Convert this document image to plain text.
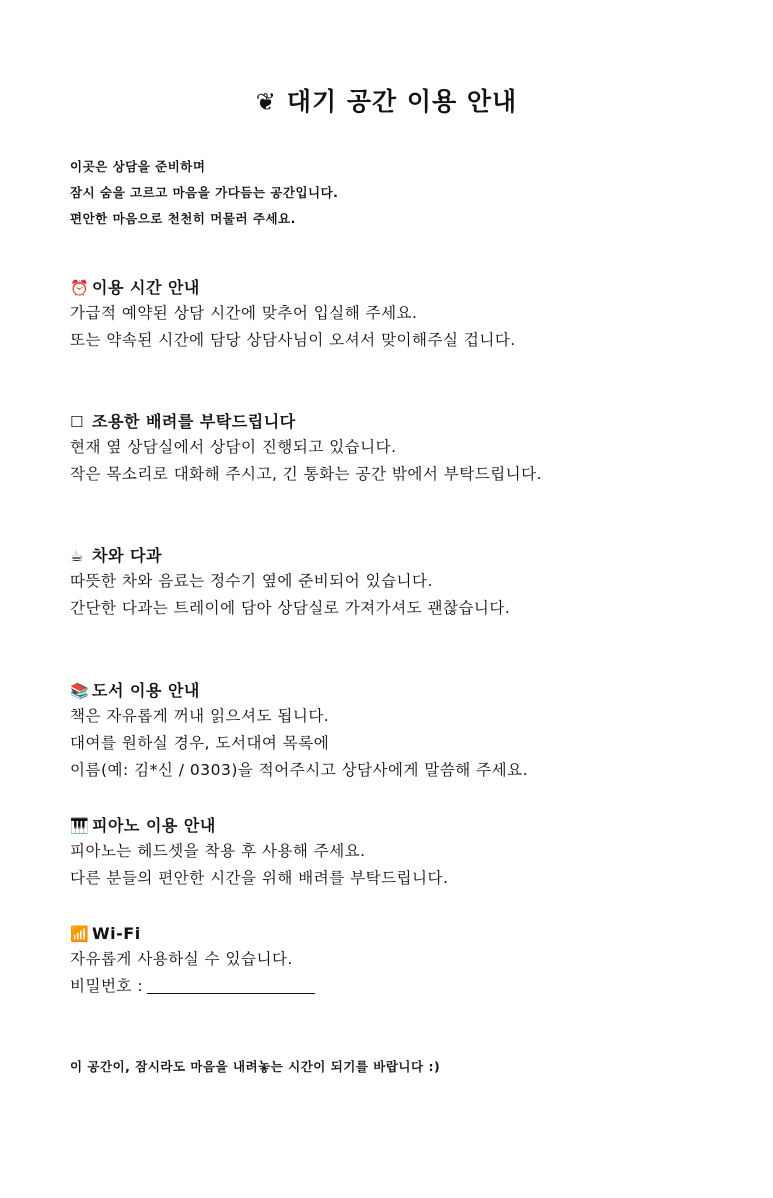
❦ 대기 공간 이용 안내
이곳은 상담을 준비하며
잠시 숨을 고르고 마음을 가다듬는 공간입니다.
편안한 마음으로 천천히 머물러 주세요.
⏰ 이용 시간 안내
가급적 예약된 상담 시간에 맞추어 입실해 주세요.
또는 약속된 시간에 담당 상담사님이 오셔서 맞이해주실 겁니다.
☐ 조용한 배려를 부탁드립니다
현재 옆 상담실에서 상담이 진행되고 있습니다.
작은 목소리로 대화해 주시고, 긴 통화는 공간 밖에서 부탁드립니다.
☕ 차와 다과
따뜻한 차와 음료는 정수기 옆에 준비되어 있습니다.
간단한 다과는 트레이에 담아 상담실로 가져가셔도 괜찮습니다.
📚 도서 이용 안내
책은 자유롭게 꺼내 읽으셔도 됩니다.
대여를 원하실 경우, 도서대여 목록에
이름(예: 김*신 / 0303)을 적어주시고 상담사에게 말씀해 주세요.
🎹 피아노 이용 안내
피아노는 헤드셋을 착용 후 사용해 주세요.
다른 분들의 편안한 시간을 위해 배려를 부탁드립니다.
📶 Wi-Fi
자유롭게 사용하실 수 있습니다.
비밀번호 :
이 공간이, 잠시라도 마음을 내려놓는 시간이 되기를 바랍니다 :)
